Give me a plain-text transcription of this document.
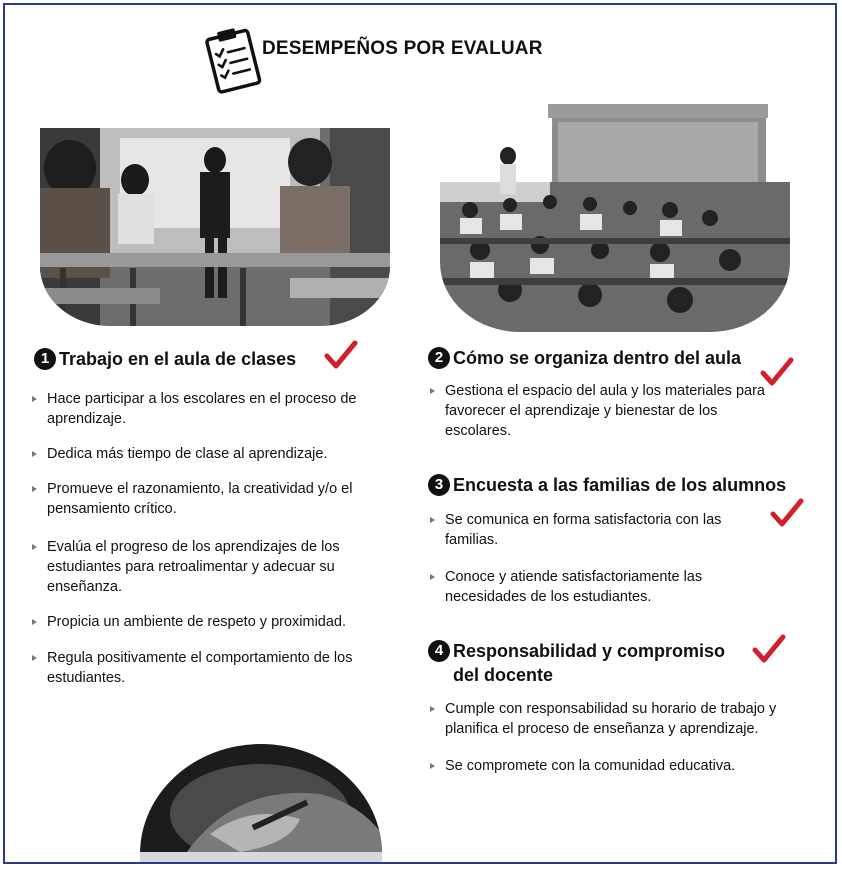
DESEMPEÑOS POR EVALUAR
1 Trabajo en el aula de clases
Hace participar a los escolares en el proceso de aprendizaje.
Dedica más tiempo de clase al aprendizaje.
Promueve el razonamiento, la creatividad y/o el pensamiento crítico.
Evalúa el progreso de los aprendizajes de los estudiantes para retroalimentar y adecuar su enseñanza.
Propicia un ambiente de respeto y proximidad.
Regula positivamente el comportamiento de los estudiantes.
2 Cómo se organiza dentro del aula
Gestiona el espacio del aula y los materiales para favorecer el aprendizaje y bienestar de los escolares.
3 Encuesta a las familias de los alumnos
Se comunica en forma satisfactoria con las familias.
Conoce y atiende satisfactoriamente las necesidades de los estudiantes.
4 Responsabilidad y compromiso del docente
Cumple con responsabilidad su horario de trabajo y planifica el proceso de enseñanza y aprendizaje.
Se compromete con la comunidad educativa.
